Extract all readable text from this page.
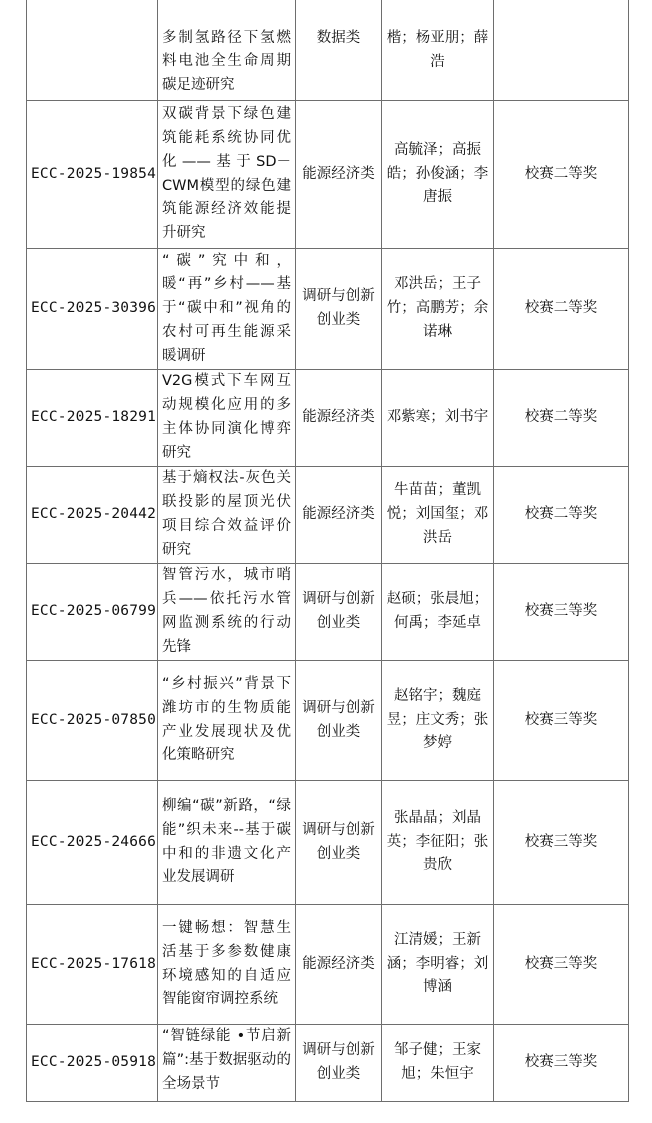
	多制氢路径下氢燃料电池全生命周期碳足迹研究	数据类	楷；杨亚朋；薛浩	
ECC-2025-19854	双碳背景下绿色建筑能耗系统协同优化——基于SD－CWM模型的绿色建筑能源经济效能提升研究	能源经济类	高毓泽；高振皓；孙俊涵；李唐振	校赛二等奖
ECC-2025-30396	“碳”究中和，暖“再”乡村——基于“碳中和”视角的农村可再生能源采暖调研	调研与创新创业类	邓洪岳；王子竹；高鹏芳；余诺琳	校赛二等奖
ECC-2025-18291	V2G模式下车网互动规模化应用的多主体协同演化博弈研究	能源经济类	邓紫寒；刘书宇	校赛二等奖
ECC-2025-20442	基于熵权法-灰色关联投影的屋顶光伏项目综合效益评价研究	能源经济类	牛苗苗；董凯悦；刘国玺；邓洪岳	校赛二等奖
ECC-2025-06799	智管污水，城市哨兵——依托污水管网监测系统的行动先锋	调研与创新创业类	赵硕；张晨旭；何禹；李延卓	校赛三等奖
ECC-2025-07850	“乡村振兴”背景下潍坊市的生物质能产业发展现状及优化策略研究	调研与创新创业类	赵铭宇；魏庭昱；庄文秀；张梦婷	校赛三等奖
ECC-2025-24666	柳编“碳”新路，“绿能”织未来--基于碳中和的非遗文化产业发展调研	调研与创新创业类	张晶晶；刘晶英；李征阳；张贵欣	校赛三等奖
ECC-2025-17618	一键畅想：智慧生活基于多参数健康环境感知的自适应智能窗帘调控系统	能源经济类	江清媛；王新涵；李明睿；刘博涵	校赛三等奖
ECC-2025-05918	“智链绿能 •节启新篇”:基于数据驱动的全场景节	调研与创新创业类	邹子健；王家旭；朱恒宇	校赛三等奖
